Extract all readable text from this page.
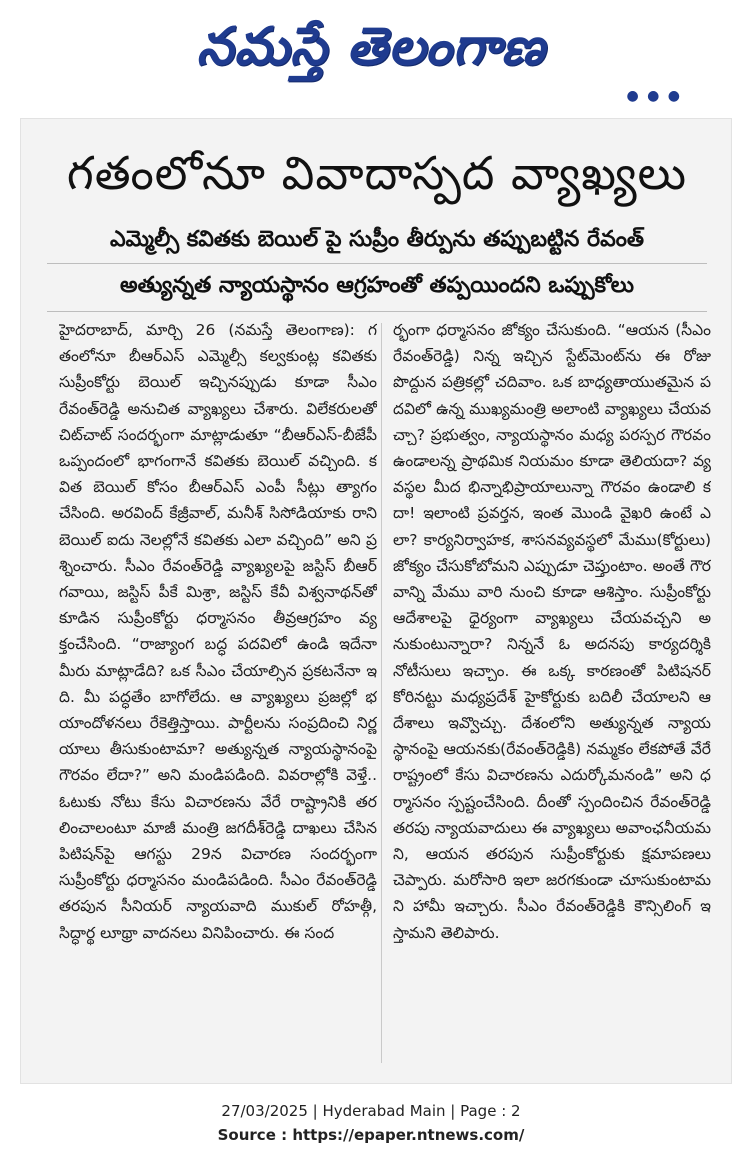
నమస్తే తెలంగాణ
● ● ●
గతంలోనూ వివాదాస్పద వ్యాఖ్యలు
ఎమ్మెల్సీ కవితకు బెయిల్ పై సుప్రీం తీర్పును తప్పుబట్టిన రేవంత్
అత్యున్నత న్యాయస్థానం ఆగ్రహంతో తప్పయిందని ఒప్పుకోలు
హైదరాబాద్, మార్చి 26 (నమస్తే తెలంగాణ): గతంలోనూ బీఆర్ఎస్ ఎమ్మెల్సీ కల్వకుంట్ల కవితకు సుప్రీంకోర్టు బెయిల్ ఇచ్చినప్పుడు కూడా సీఎం రేవంత్‌రెడ్డి అనుచిత వ్యాఖ్యలు చేశారు. విలేకరులతో చిట్‌చాట్ సందర్భంగా మాట్లాడుతూ “బీఆర్ఎస్-బీజేపీ ఒప్పందంలో భాగంగానే కవితకు బెయిల్ వచ్చింది. కవిత బెయిల్ కోసం బీఆర్ఎస్ ఎంపీ సీట్లు త్యాగం చేసింది. అరవింద్ కేజ్రీవాల్, మనీశ్ సిసోడియాకు రాని బెయిల్ ఐదు నెలల్లోనే కవితకు ఎలా వచ్చింది” అని ప్రశ్నించారు. సీఎం రేవంత్‌రెడ్డి వ్యాఖ్యలపై జస్టిస్ బీఆర్ గవాయి, జస్టిస్ పీకే మిశ్రా, జస్టిస్ కేవీ విశ్వనాథన్‌తో కూడిన సుప్రీంకోర్టు ధర్మాసనం తీవ్రఆగ్రహం వ్యక్తంచేసింది. “రాజ్యాంగ బద్ధ పదవిలో ఉండి ఇదేనా మీరు మాట్లాడేది? ఒక సీఎం చేయాల్సిన ప్రకటనేనా ఇది. మీ పద్ధతేం బాగోలేదు. ఆ వ్యాఖ్యలు ప్రజల్లో భయాందోళనలు రేకెత్తిస్తాయి. పార్టీలను సంప్రదించి నిర్ణయాలు తీసుకుంటామా? అత్యున్నత న్యాయస్థానంపై గౌరవం లేదా?” అని మండిపడింది. వివరాల్లోకి వెళ్తే.. ఓటుకు నోటు కేసు విచారణను వేరే రాష్ట్రానికి తరలించాలంటూ మాజీ మంత్రి జగదీశ్‌రెడ్డి దాఖలు చేసిన పిటిషన్‌పై ఆగస్టు 29న విచారణ సందర్భంగా సుప్రీంకోర్టు ధర్మాసనం మండిపడింది. సీఎం రేవంత్‌రెడ్డి తరపున సీనియర్ న్యాయవాది ముకుల్ రోహత్గీ, సిద్ధార్థ లూథ్రా వాదనలు వినిపించారు. ఈ సంద
ర్భంగా ధర్మాసనం జోక్యం చేసుకుంది. “ఆయన (సీఎం రేవంత్‌రెడ్డి) నిన్న ఇచ్చిన స్టేట్‌మెంట్‌ను ఈ రోజు పొద్దున పత్రికల్లో చదివాం. ఒక బాధ్యతాయుతమైన పదవిలో ఉన్న ముఖ్యమంత్రి అలాంటి వ్యాఖ్యలు చేయవచ్చా? ప్రభుత్వం, న్యాయస్థానం మధ్య పరస్పర గౌరవం ఉండాలన్న ప్రాథమిక నియమం కూడా తెలియదా? వ్యవస్థల మీద భిన్నాభిప్రాయాలున్నా గౌరవం ఉండాలి కదా! ఇలాంటి ప్రవర్తన, ఇంత మొండి వైఖరి ఉంటే ఎలా? కార్యనిర్వాహక, శాసనవ్యవస్థలో మేము(కోర్టులు) జోక్యం చేసుకోబోమని ఎప్పుడూ చెప్తుంటాం. అంతే గౌరవాన్ని మేము వారి నుంచి కూడా ఆశిస్తాం. సుప్రీంకోర్టు ఆదేశాలపై ధైర్యంగా వ్యాఖ్యలు చేయవచ్చని అనుకుంటున్నారా? నిన్ననే ఓ అదనపు కార్యదర్శికి నోటీసులు ఇచ్చాం. ఈ ఒక్క కారణంతో పిటిషనర్ కోరినట్టు మధ్యప్రదేశ్ హైకోర్టుకు బదిలీ చేయాలని ఆదేశాలు ఇవ్వొచ్చు. దేశంలోని అత్యున్నత న్యాయస్థానంపై ఆయనకు(రేవంత్‌రెడ్డికి) నమ్మకం లేకపోతే వేరే రాష్ట్రంలో కేసు విచారణను ఎదుర్కోమనండి” అని ధర్మాసనం స్పష్టంచేసింది. దీంతో స్పందించిన రేవంత్‌రెడ్డి తరపు న్యాయవాదులు ఈ వ్యాఖ్యలు అవాంఛనీయమని, ఆయన తరపున సుప్రీంకోర్టుకు క్షమాపణలు చెప్పారు. మరోసారి ఇలా జరగకుండా చూసుకుంటామని హామీ ఇచ్చారు. సీఎం రేవంత్‌రెడ్డికి కౌన్సిలింగ్ ఇస్తామని తెలిపారు.
27/03/2025 | Hyderabad Main | Page : 2
Source : https://epaper.ntnews.com/
